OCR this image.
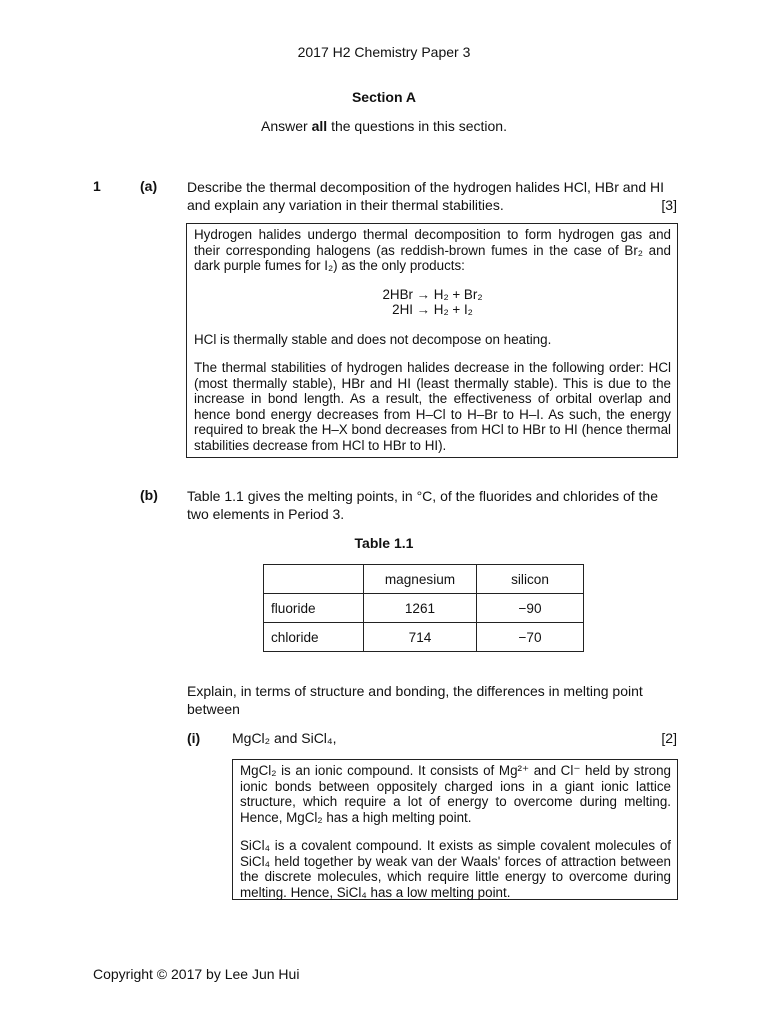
2017 H2 Chemistry Paper 3
Section A
Answer all the questions in this section.
1	(a) Describe the thermal decomposition of the hydrogen halides HCl, HBr and HI and explain any variation in their thermal stabilities.	[3]

Hydrogen halides undergo thermal decomposition to form hydrogen gas and their corresponding halogens (as reddish-brown fumes in the case of Br₂ and dark purple fumes for I₂) as the only products:

2HBr → H₂ + Br₂
2HI → H₂ + I₂

HCl is thermally stable and does not decompose on heating.

The thermal stabilities of hydrogen halides decrease in the following order: HCl (most thermally stable), HBr and HI (least thermally stable). This is due to the increase in bond length. As a result, the effectiveness of orbital overlap and hence bond energy decreases from H–Cl to H–Br to H–I. As such, the energy required to break the H–X bond decreases from HCl to HBr to HI (hence thermal stabilities decrease from HCl to HBr to HI).

(b) Table 1.1 gives the melting points, in °C, of the fluorides and chlorides of the two elements in Period 3.
Table 1.1
	magnesium	silicon
fluoride	1261	−90
chloride	714	−70
Explain, in terms of structure and bonding, the differences in melting point between
(i) MgCl₂ and SiCl₄,	[2]

MgCl₂ is an ionic compound. It consists of Mg²⁺ and Cl⁻ held by strong ionic bonds between oppositely charged ions in a giant ionic lattice structure, which require a lot of energy to overcome during melting. Hence, MgCl₂ has a high melting point.

SiCl₄ is a covalent compound. It exists as simple covalent molecules of SiCl₄ held together by weak van der Waals' forces of attraction between the discrete molecules, which require little energy to overcome during melting. Hence, SiCl₄ has a low melting point.

Copyright © 2017 by Lee Jun Hui
